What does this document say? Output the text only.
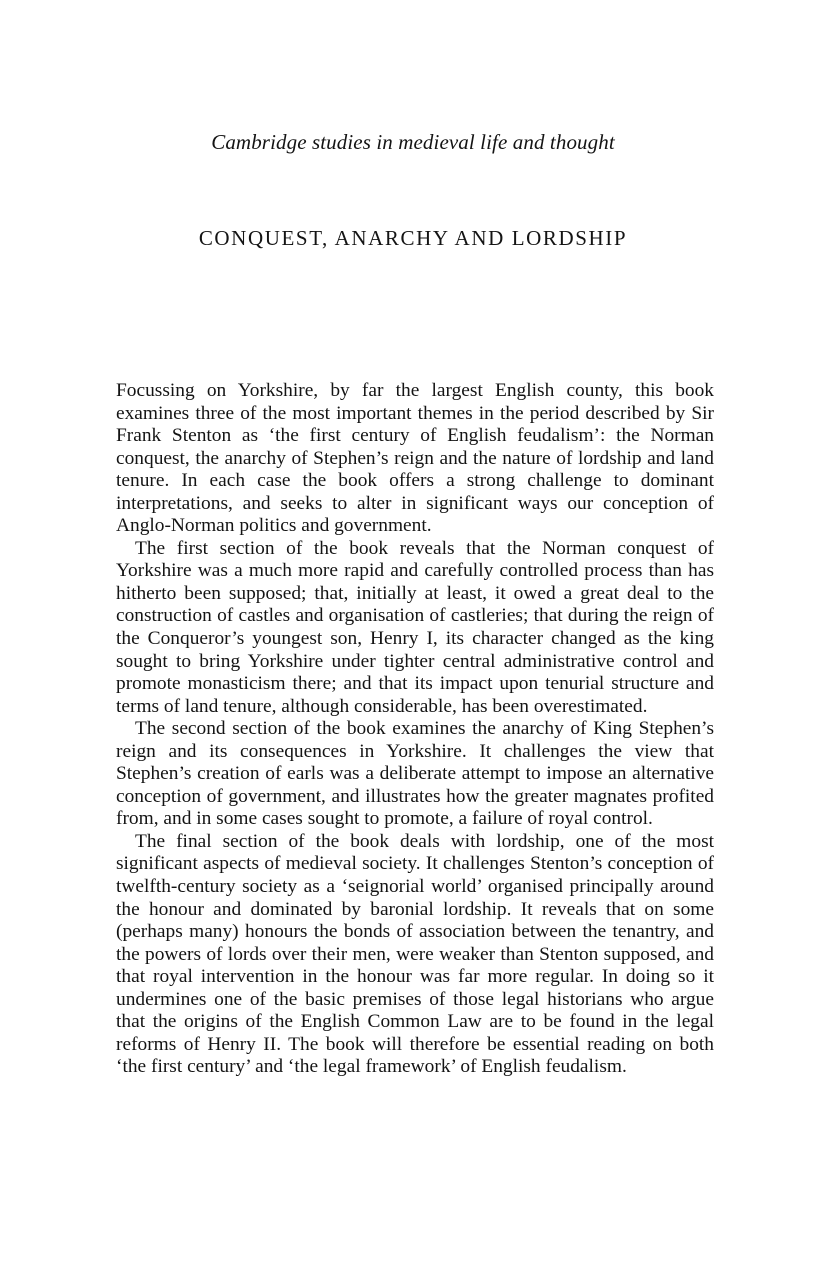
Cambridge studies in medieval life and thought

CONQUEST, ANARCHY AND LORDSHIP

Focussing on Yorkshire, by far the largest English county, this book examines three of the most important themes in the period described by Sir Frank Stenton as ‘the first century of English feudalism’: the Norman conquest, the anarchy of Stephen’s reign and the nature of lordship and land tenure. In each case the book offers a strong challenge to dominant interpretations, and seeks to alter in significant ways our conception of Anglo-Norman politics and government.

The first section of the book reveals that the Norman conquest of Yorkshire was a much more rapid and carefully controlled process than has hitherto been supposed; that, initially at least, it owed a great deal to the construction of castles and organisation of castleries; that during the reign of the Conqueror’s youngest son, Henry I, its character changed as the king sought to bring Yorkshire under tighter central administrative control and promote monasticism there; and that its impact upon tenurial structure and terms of land tenure, although considerable, has been overestimated.

The second section of the book examines the anarchy of King Stephen’s reign and its consequences in Yorkshire. It challenges the view that Stephen’s creation of earls was a deliberate attempt to impose an alternative conception of government, and illustrates how the greater magnates profited from, and in some cases sought to promote, a failure of royal control.

The final section of the book deals with lordship, one of the most significant aspects of medieval society. It challenges Stenton’s conception of twelfth-century society as a ‘seignorial world’ organised principally around the honour and dominated by baronial lordship. It reveals that on some (perhaps many) honours the bonds of association between the tenantry, and the powers of lords over their men, were weaker than Stenton supposed, and that royal intervention in the honour was far more regular. In doing so it undermines one of the basic premises of those legal historians who argue that the origins of the English Common Law are to be found in the legal reforms of Henry II. The book will therefore be essential reading on both ‘the first century’ and ‘the legal framework’ of English feudalism.
